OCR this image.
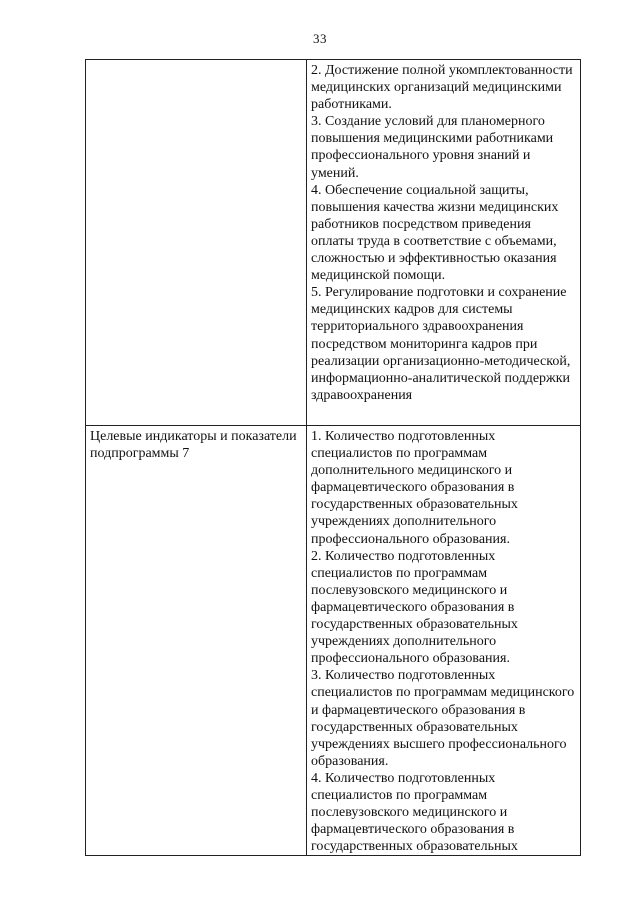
33

	2. Достижение полной укомплектованности медицинских организаций медицинскими работниками.
3. Создание условий для планомерного повышения медицинскими работниками профессионального уровня знаний и умений.
4. Обеспечение социальной защиты, повышения качества жизни медицинских работников посредством приведения оплаты труда в соответствие с объемами, сложностью и эффективностью оказания медицинской помощи.
5. Регулирование подготовки и сохранение медицинских кадров для системы территориального здравоохранения посредством мониторинга кадров при реализации организационно-методической, информационно-аналитической поддержки здравоохранения

Целевые индикаторы и показатели подпрограммы 7	1. Количество подготовленных специалистов по программам дополнительного медицинского и фармацевтического образования в государственных образовательных учреждениях дополнительного профессионального образования.
2. Количество подготовленных специалистов по программам послевузовского медицинского и фармацевтического образования в государственных образовательных учреждениях дополнительного профессионального образования.
3. Количество подготовленных специалистов по программам медицинского и фармацевтического образования в государственных образовательных учреждениях высшего профессионального образования.
4. Количество подготовленных специалистов по программам послевузовского медицинского и фармацевтического образования в государственных образовательных
